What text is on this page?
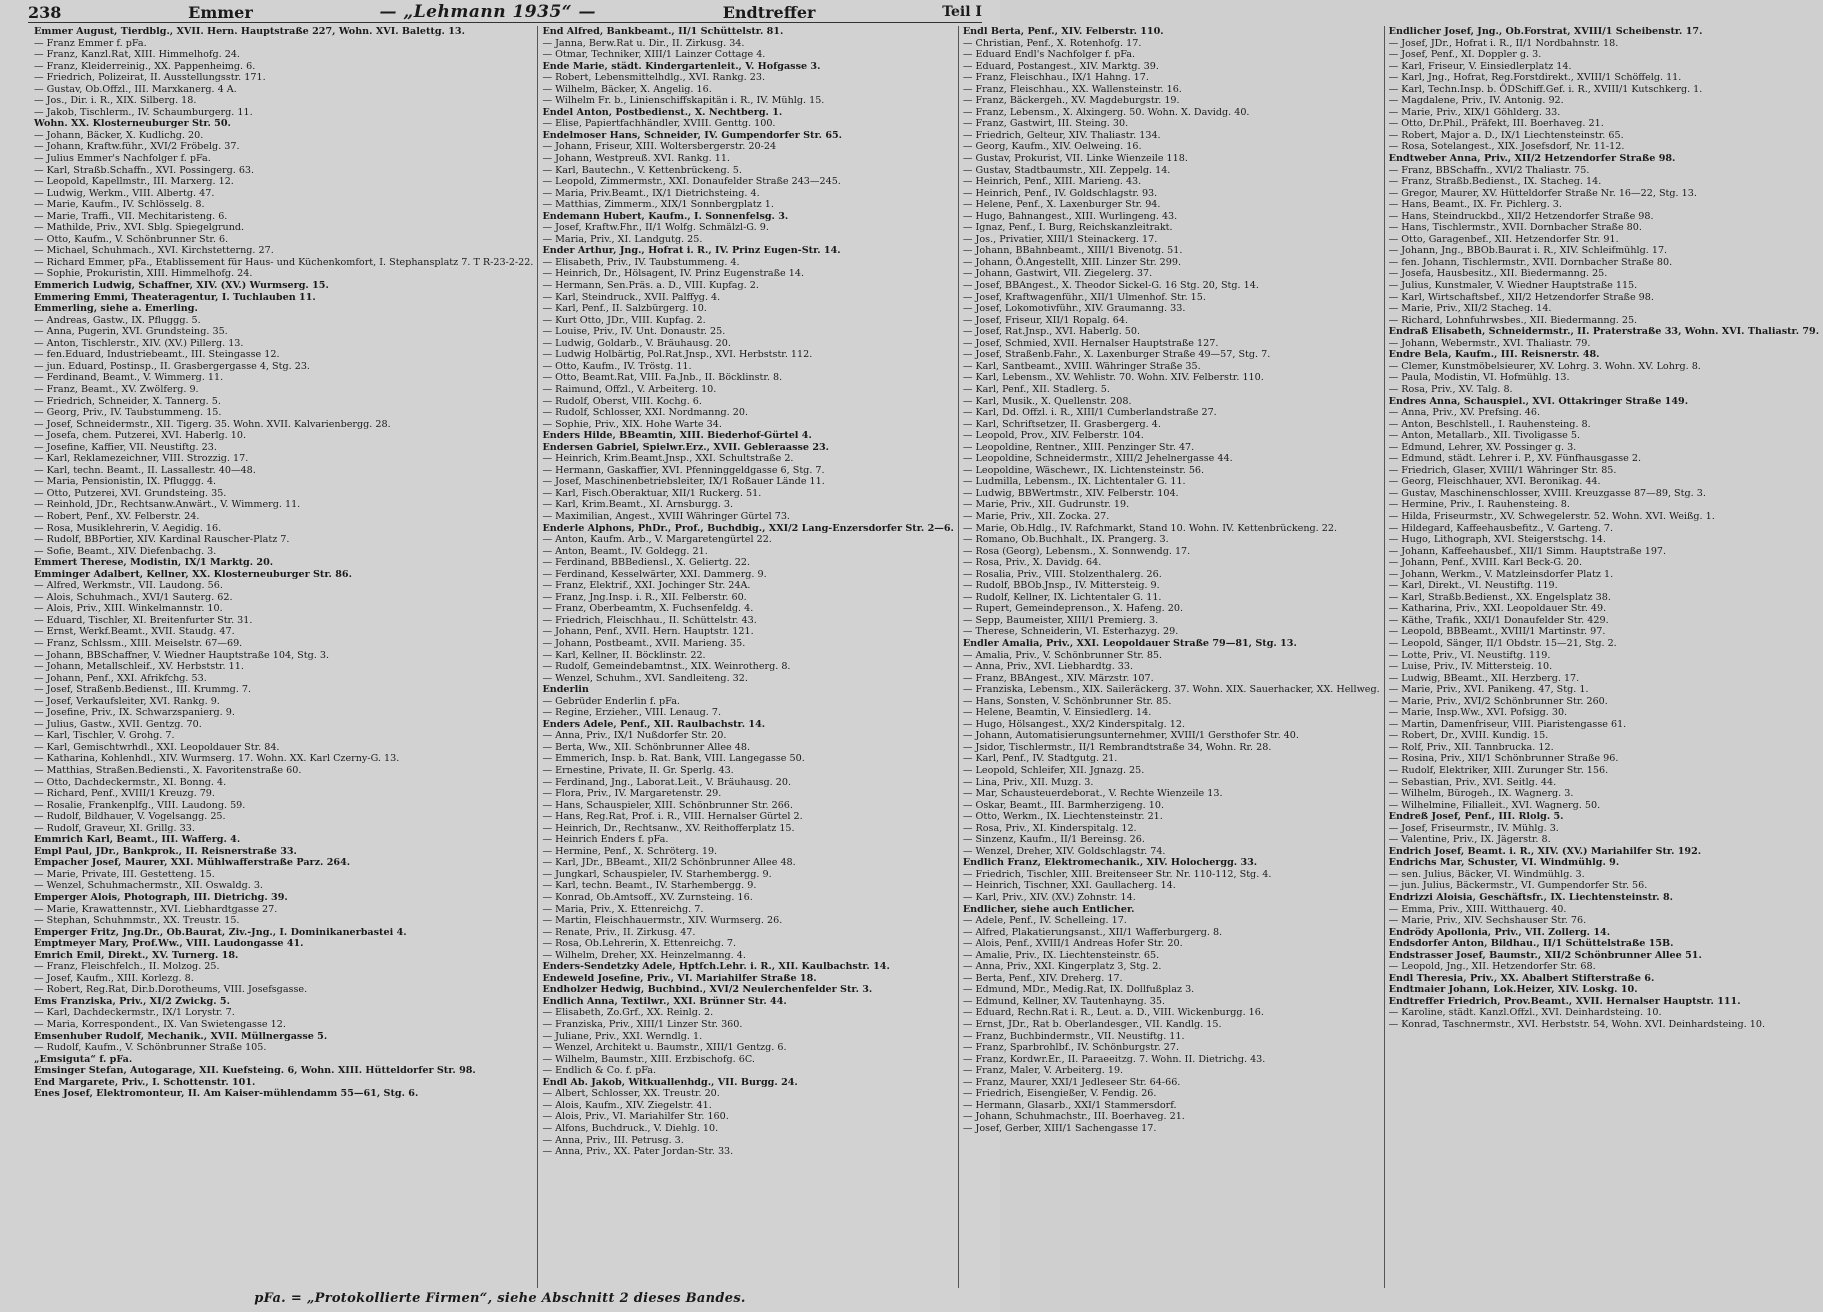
238	Emmer	— „Lehmann 1935“ —	Endtreffer	Teil I
Emmer August, Tierdblg., XVII. Hern. Hauptstraße 227, Wohn. XVI. Balettg. 13.
— Franz Emmer f. pFa.
— Franz, Kanzl.Rat, XIII. Himmelhofg. 24.
— Franz, Kleiderreinig., XX. Pappenheimg. 6.
— Friedrich, Polizeirat, II. Ausstellungsstr. 171.
— Gustav, Ob.Offzl., III. Marxkanerg. 4 A.
— Jos., Dir. i. R., XIX. Silberg. 18.
— Jakob, Tischlerm., IV. Schaumburgerg. 11.
Wohn. XX. Klosterneuburger Str. 50.
— Johann, Bäcker, X. Kudlichg. 20.
— Johann, Kraftw.führ., XVI/2 Fröbelg. 37.
— Julius Emmer's Nachfolger f. pFa.
— Karl, Straßb.Schaffn., XVI. Possingerg. 63.
— Leopold, Kapellmstr., III. Marxerg. 12.
— Ludwig, Werkm., VIII. Albertg. 47.
— Marie, Kaufm., IV. Schlösselg. 8.
— Marie, Traffi., VII. Mechitaristeng. 6.
— Mathilde, Priv., XVI. Sblg. Spiegelgrund.
— Otto, Kaufm., V. Schönbrunner Str. 6.
— Michael, Schuhmach., XVI. Kirchstetterng. 27.
— Richard Emmer, pFa., Etablissement für Haus- und Küchenkomfort, I. Stephansplatz 7. T R-23-2-22.
— Sophie, Prokuristin, XIII. Himmelhofg. 24.
Emmerich Ludwig, Schaffner, XIV. (XV.) Wurmserg. 15.
Emmering Emmi, Theateragentur, I. Tuchlauben 11.
Emmerling, siehe a. Emerling.
— Andreas, Gastw., IX. Pfluggg. 5.
— Anna, Pugerin, XVI. Grundsteing. 35.
— Anton, Tischlerstr., XIV. (XV.) Pillerg. 13.
— fen.Eduard, Industriebeamt., III. Steingasse 12.
— jun. Eduard, Postinsp., II. Grasbergergasse 4, Stg. 23.
— Ferdinand, Beamt., V. Wimmerg. 11.
— Franz, Beamt., XV. Zwölferg. 9.
— Friedrich, Schneider, X. Tannerg. 5.
— Georg, Priv., IV. Taubstummeng. 15.
— Josef, Schneidermstr., XII. Tigerg. 35. Wohn. XVII. Kalvarienbergg. 28.
— Josefa, chem. Putzerei, XVI. Haberlg. 10.
— Josefine, Kaffier, VII. Neustiftg. 23.
— Karl, Reklamezeichner, VIII. Strozzig. 17.
— Karl, techn. Beamt., II. Lassallestr. 40—48.
— Maria, Pensionistin, IX. Pfluggg. 4.
— Otto, Putzerei, XVI. Grundsteing. 35.
— Reinhold, JDr., Rechtsanw.Anwärt., V. Wimmerg. 11.
— Robert, Penf., XV. Felberstr. 24.
— Rosa, Musiklehrerin, V. Aegidig. 16.
— Rudolf, BBPortier, XIV. Kardinal Rauscher-Platz 7.
— Sofie, Beamt., XIV. Diefenbachg. 3.
Emmert Therese, Modistin, IX/1 Marktg. 20.
Emminger Adalbert, Kellner, XX. Klosterneuburger Str. 86.
— Alfred, Werkmstr., VII. Laudong. 56.
— Alois, Schuhmach., XVI/1 Sauterg. 62.
— Alois, Priv., XIII. Winkelmannstr. 10.
— Eduard, Tischler, XI. Breitenfurter Str. 31.
— Ernst, Werkf.Beamt., XVII. Staudg. 47.
— Franz, Schlssm., XIII. Meiselstr. 67—69.
— Johann, BBSchaffner, V. Wiedner Hauptstraße 104, Stg. 3.
— Johann, Metallschleif., XV. Herbststr. 11.
— Johann, Penf., XXI. Afrikfchg. 53.
— Josef, Straßenb.Bedienst., III. Krummg. 7.
— Josef, Verkaufsleiter, XVI. Rankg. 9.
— Josefine, Priv., IX. Schwarzspanierg. 9.
— Julius, Gastw., XVII. Gentzg. 70.
— Karl, Tischler, V. Grohg. 7.
— Karl, Gemischtwrhdl., XXI. Leopoldauer Str. 84.
— Katharina, Kohlenhdl., XIV. Wurmserg. 17. Wohn. XX. Karl Czerny-G. 13.
— Matthias, Straßen.Bediensti., X. Favoritenstraße 60.
— Otto, Dachdeckermstr., XI. Bonng. 4.
— Richard, Penf., XVIII/1 Kreuzg. 79.
— Rosalie, Frankenplfg., VIII. Laudong. 59.
— Rudolf, Bildhauer, V. Vogelsangg. 25.
— Rudolf, Graveur, XI. Grillg. 33.
Emmrich Karl, Beamt., III. Wafferg. 4.
Empl Paul, JDr., Bankprok., II. Reisnerstraße 33.
Empacher Josef, Maurer, XXI. Mühlwafferstraße Parz. 264.
— Marie, Private, III. Gestetteng. 15.
— Wenzel, Schuhmachermstr., XII. Oswaldg. 3.
Emperger Alois, Photograph, III. Dietrichg. 39.
— Marie, Krawattennstr., XVI. Liebhardtgasse 27.
— Stephan, Schuhmmstr., XX. Treustr. 15.
Emperger Fritz, Jng.Dr., Ob.Baurat, Ziv.-Jng., I. Dominikanerbastei 4.
Emptmeyer Mary, Prof.Ww., VIII. Laudongasse 41.
Emrich Emil, Direkt., XV. Turnerg. 18.
— Franz, Fleischfelch., II. Molzog. 25.
— Josef, Kaufm., XIII. Korlezg. 8.
— Robert, Reg.Rat, Dir.b.Dorotheums, VIII. Josefsgasse.
Ems Franziska, Priv., XI/2 Zwickg. 5.
— Karl, Dachdeckermstr., IX/1 Lorystr. 7.
— Maria, Korrespondent., IX. Van Swietengasse 12.
Emsenhuber Rudolf, Mechanik., XVII. Müllnergasse 5.
— Rudolf, Kaufm., V. Schönbrunner Straße 105.
„Emsiguta“ f. pFa.
Emsinger Stefan, Autogarage, XII. Kuefsteing. 6, Wohn. XIII. Hütteldorfer Str. 98.
End Margarete, Priv., I. Schottenstr. 101.
Enes Josef, Elektromonteur, II. Am Kaiser-mühlendamm 55—61, Stg. 6.
End Alfred, Bankbeamt., II/1 Schüttelstr. 81.
— Janna, Berw.Rat u. Dir., II. Zirkusg. 34.
— Otmar, Techniker, XIII/1 Lainzer Cottage 4.
Ende Marie, städt. Kindergartenleit., V. Hofgasse 3.
— Robert, Lebensmittelhdlg., XVI. Rankg. 23.
— Wilhelm, Bäcker, X. Angelig. 16.
— Wilhelm Fr. b., Linienschiffskapitän i. R., IV. Mühlg. 15.
Endel Anton, Postbedienst., X. Nechtberg. 1.
— Elise, Papiertfachhändler, XVIII. Genttg. 100.
Endelmoser Hans, Schneider, IV. Gumpendorfer Str. 65.
— Johann, Friseur, XIII. Woltersbergerstr. 20-24
— Johann, Westpreuß. XVI. Rankg. 11.
— Karl, Bautechn., V. Kettenbrückeng. 5.
— Leopold, Zimmermstr., XXI. Donaufelder Straße 243—245.
— Maria, Priv.Beamt., IX/1 Dietrichsteing. 4.
— Matthias, Zimmerm., XIX/1 Sonnbergplatz 1.
Endemann Hubert, Kaufm., I. Sonnenfelsg. 3.
— Josef, Kraftw.Fhr., II/1 Wolfg. Schmälzl-G. 9.
— Maria, Priv., XI. Landgutg. 25.
Ender Arthur, Jng., Hofrat i. R., IV. Prinz Eugen-Str. 14.
— Elisabeth, Priv., IV. Taubstummeng. 4.
— Heinrich, Dr., Hölsagent, IV. Prinz Eugenstraße 14.
— Hermann, Sen.Präs. a. D., VIII. Kupfag. 2.
— Karl, Steindruck., XVII. Palffyg. 4.
— Karl, Penf., II. Salzbürgerg. 10.
— Kurt Otto, JDr., VIII. Kupfag. 2.
— Louise, Priv., IV. Unt. Donaustr. 25.
— Ludwig, Goldarb., V. Bräuhausg. 20.
— Ludwig Holbärtig, Pol.Rat.Jnsp., XVI. Herbststr. 112.
— Otto, Kaufm., IV. Tröstg. 11.
— Otto, Beamt.Rat, VIII. Fa.Jnb., II. Böcklinstr. 8.
— Raimund, Offzl., V. Arbeiterg. 10.
— Rudolf, Oberst, VIII. Kochg. 6.
— Rudolf, Schlosser, XXI. Nordmanng. 20.
— Sophie, Priv., XIX. Hohe Warte 34.
Enders Hilde, BBeamtin, XIII. Biederhof-Gürtel 4.
Endersen Gabriel, Spielwr.Erz., XVII. Gebleraasse 23.
— Heinrich, Krim.Beamt.Jnsp., XXI. Schultstraße 2.
— Hermann, Gaskaffier, XVI. Pfenninggeldgasse 6, Stg. 7.
— Josef, Maschinenbetriebsleiter, IX/1 Roßauer Lände 11.
— Karl, Fisch.Oberaktuar, XII/1 Ruckerg. 51.
— Karl, Krim.Beamt., XI. Arnsburgg. 3.
— Maximilian, Angest., XVIII Währinger Gürtel 73.
Enderle Alphons, PhDr., Prof., Buchdbig., XXI/2 Lang-Enzersdorfer Str. 2—6.
— Anton, Kaufm. Arb., V. Margaretengürtel 22.
— Anton, Beamt., IV. Goldegg. 21.
— Ferdinand, BBBediensl., X. Geliertg. 22.
— Ferdinand, Kesselwärter, XXI. Dammerg. 9.
— Franz, Elektrif., XXI. Jochinger Str. 24A.
— Franz, Jng.Insp. i. R., XII. Felberstr. 60.
— Franz, Oberbeamtm, X. Fuchsenfeldg. 4.
— Friedrich, Fleischhau., II. Schüttelstr. 43.
— Johann, Penf., XVII. Hern. Hauptstr. 121.
— Johann, Postbeamt., XVII. Marieng. 35.
— Karl, Kellner, II. Böcklinstr. 22.
— Rudolf, Gemeindebamtnst., XIX. Weinrotherg. 8.
— Wenzel, Schuhm., XVI. Sandleiteng. 32.
Enderlin
— Gebrüder Enderlin f. pFa.
— Regine, Erzieher., VIII. Lenaug. 7.
Enders Adele, Penf., XII. Raulbachstr. 14.
— Anna, Priv., IX/1 Nußdorfer Str. 20.
— Berta, Ww., XII. Schönbrunner Allee 48.
— Emmerich, Insp. b. Rat. Bank, VIII. Langegasse 50.
— Ernestine, Private, II. Gr. Sperlg. 43.
— Ferdinand, Jng., Laborat.Leit., V. Bräuhausg. 20.
— Flora, Priv., IV. Margaretenstr. 29.
— Hans, Schauspieler, XIII. Schönbrunner Str. 266.
— Hans, Reg.Rat, Prof. i. R., VIII. Hernalser Gürtel 2.
— Heinrich, Dr., Rechtsanw., XV. Reithofferplatz 15.
— Heinrich Enders f. pFa.
— Hermine, Penf., X. Schröterg. 19.
— Karl, JDr., BBeamt., XII/2 Schönbrunner Allee 48.
— Jungkarl, Schauspieler, IV. Starhembergg. 9.
— Karl, techn. Beamt., IV. Starhembergg. 9.
— Konrad, Ob.Amtsoff., XV. Zurnsteing. 16.
— Maria, Priv., X. Ettenreichg. 7.
— Martin, Fleischhauermstr., XIV. Wurmserg. 26.
— Renate, Priv., II. Zirkusg. 47.
— Rosa, Ob.Lehrerin, X. Ettenreichg. 7.
— Wilhelm, Dreher, XX. Heinzelmanng. 4.
Enders-Sendetzky Adele, Hptfch.Lehr. i. R., XII. Kaulbachstr. 14.
Endeweld Josefine, Priv., VI. Mariahilfer Straße 18.
Endholzer Hedwig, Buchbind., XVI/2 Neulerchenfelder Str. 3.
Endlich Anna, Textilwr., XXI. Brünner Str. 44.
— Elisabeth, Zo.Grf., XX. Reinlg. 2.
— Franziska, Priv., XIII/1 Linzer Str. 360.
— Juliane, Priv., XXI. Werndlg. 1.
— Wenzel, Architekt u. Baumstr., XIII/1 Gentzg. 6.
— Wilhelm, Baumstr., XIII. Erzbischofg. 6C.
— Endlich & Co. f. pFa.
Endl Ab. Jakob, Witkuallenhdg., VII. Burgg. 24.
— Albert, Schlosser, XX. Treustr. 20.
— Alois, Kaufm., XIV. Ziegelstr. 41.
— Alois, Priv., VI. Mariahilfer Str. 160.
— Alfons, Buchdruck., V. Diehlg. 10.
— Anna, Priv., III. Petrusg. 3.
— Anna, Priv., XX. Pater Jordan-Str. 33.
Endl Berta, Penf., XIV. Felberstr. 110.
— Christian, Penf., X. Rotenhofg. 17.
— Eduard Endl's Nachfolger f. pFa.
— Eduard, Postangest., XIV. Marktg. 39.
— Franz, Fleischhau., IX/1 Hahng. 17.
— Franz, Fleischhau., XX. Wallensteinstr. 16.
— Franz, Bäckergeh., XV. Magdeburgstr. 19.
— Franz, Lebensm., X. Alxingerg. 50. Wohn. X. Davidg. 40.
— Franz, Gastwirt, III. Steing. 30.
— Friedrich, Gelteur, XIV. Thaliastr. 134.
— Georg, Kaufm., XIV. Oelweing. 16.
— Gustav, Prokurist, VII. Linke Wienzeile 118.
— Gustav, Stadtbaumstr., XII. Zeppelg. 14.
— Heinrich, Penf., XIII. Marieng. 43.
— Heinrich, Penf., IV. Goldschlagstr. 93.
— Helene, Penf., X. Laxenburger Str. 94.
— Hugo, Bahnangest., XIII. Wurlingeng. 43.
— Ignaz, Penf., I. Burg, Reichskanzleitrakt.
— Jos., Privatier, XIII/1 Steinackerg. 17.
— Johann, BBahnbeamt., XIII/1 Bivenotg. 51.
— Johann, Ö.Angestellt, XIII. Linzer Str. 299.
— Johann, Gastwirt, VII. Ziegelerg. 37.
— Josef, BBAngest., X. Theodor Sickel-G. 16 Stg. 20, Stg. 14.
— Josef, Kraftwagenführ., XII/1 Ulmenhof. Str. 15.
— Josef, Lokomotivführ., XIV. Graumanng. 33.
— Josef, Friseur, XII/1 Ropalg. 64.
— Josef, Rat.Jnsp., XVI. Haberlg. 50.
— Josef, Schmied, XVII. Hernalser Hauptstraße 127.
— Josef, Straßenb.Fahr., X. Laxenburger Straße 49—57, Stg. 7.
— Karl, Santbeamt., XVIII. Währinger Straße 35.
— Karl, Lebensm., XV. Wehlistr. 70. Wohn. XIV. Felberstr. 110.
— Karl, Penf., XII. Stadlerg. 5.
— Karl, Musik., X. Quellenstr. 208.
— Karl, Dd. Offzl. i. R., XIII/1 Cumberlandstraße 27.
— Karl, Schriftsetzer, II. Grasbergerg. 4.
— Leopold, Prov., XIV. Felberstr. 104.
— Leopoldine, Rentner., XIII. Penzinger Str. 47.
— Leopoldine, Schneidermstr., XIII/2 Jehelnergasse 44.
— Leopoldine, Wäschewr., IX. Lichtensteinstr. 56.
— Ludmilla, Lebensm., IX. Lichtentaler G. 11.
— Ludwig, BBWertmstr., XIV. Felberstr. 104.
— Marie, Priv., XII. Gudrunstr. 19.
— Marie, Priv., XII. Zocka. 27.
— Marie, Ob.Hdlg., IV. Rafchmarkt, Stand 10. Wohn. IV. Kettenbrückeng. 22.
— Romano, Ob.Buchhalt., IX. Prangerg. 3.
— Rosa (Georg), Lebensm., X. Sonnwendg. 17.
— Rosa, Priv., X. Davidg. 64.
— Rosalia, Priv., VIII. Stolzenthalerg. 26.
— Rudolf, BBOb.Jnsp., IV. Mittersteig. 9.
— Rudolf, Kellner, IX. Lichtentaler G. 11.
— Rupert, Gemeindeprenson., X. Hafeng. 20.
— Sepp, Baumeister, XIII/1 Premierg. 3.
— Therese, Schneiderin, VI. Esterhazyg. 29.
Endler Amalia, Priv., XXI. Leopoldauer Straße 79—81, Stg. 13.
— Amalia, Priv., V. Schönbrunner Str. 85.
— Anna, Priv., XVI. Liebhardtg. 33.
— Franz, BBAngest., XIV. Märzstr. 107.
— Franziska, Lebensm., XIX. Saileräckerg. 37. Wohn. XIX. Sauerhacker, XX. Hellweg.
— Hans, Sonsten, V. Schönbrunner Str. 85.
— Helene, Beamtin, V. Einsiedlerg. 14.
— Hugo, Hölsangest., XX/2 Kinderspitalg. 12.
— Johann, Automatisierungsunternehmer, XVIII/1 Gersthofer Str. 40.
— Jsidor, Tischlermstr., II/1 Rembrandtstraße 34, Wohn. Rr. 28.
— Karl, Penf., IV. Stadtgutg. 21.
— Leopold, Schleifer, XII. Jgnazg. 25.
— Lina, Priv., XII. Muzg. 3.
— Mar, Schausteuerdeborat., V. Rechte Wienzeile 13.
— Oskar, Beamt., III. Barmherzigeng. 10.
— Otto, Werkm., IX. Liechtensteinstr. 21.
— Rosa, Priv., XI. Kinderspitalg. 12.
— Sinzenz, Kaufm., II/1 Bereinsg. 26.
— Wenzel, Dreher, XIV. Goldschlagstr. 74.
Endlich Franz, Elektromechanik., XIV. Holochergg. 33.
— Friedrich, Tischler, XIII. Breitenseer Str. Nr. 110-112, Stg. 4.
— Heinrich, Tischner, XXI. Gaullacherg. 14.
— Karl, Priv., XIV. (XV.) Zohnstr. 14.
Endlicher, siehe auch Entlicher.
— Adele, Penf., IV. Schelleing. 17.
— Alfred, Plakatierungsanst., XII/1 Wafferburgerg. 8.
— Alois, Penf., XVIII/1 Andreas Hofer Str. 20.
— Amalie, Priv., IX. Liechtensteinstr. 65.
— Anna, Priv., XXI. Kingerplatz 3, Stg. 2.
— Berta, Penf., XIV. Dreherg. 17.
— Edmund, MDr., Medig.Rat, IX. Dollfußplaz 3.
— Edmund, Kellner, XV. Tautenhayng. 35.
— Eduard, Rechn.Rat i. R., Leut. a. D., VIII. Wickenburgg. 16.
— Ernst, JDr., Rat b. Oberlandesger., VII. Kandlg. 15.
— Franz, Buchbindermstr., VII. Neustiftg. 11.
— Franz, Sparbrohlbf., IV. Schönburgstr. 27.
— Franz, Kordwr.Er., II. Paraeeitzg. 7. Wohn. II. Dietrichg. 43.
— Franz, Maler, V. Arbeiterg. 19.
— Franz, Maurer, XXI/1 Jedleseer Str. 64-66.
— Friedrich, Eisengießer, V. Fendig. 26.
— Hermann, Glasarb., XXI/1 Stammersdorf.
— Johann, Schuhmachstr., III. Boerhaveg. 21.
— Josef, Gerber, XIII/1 Sachengasse 17.
Endlicher Josef, Jng., Ob.Forstrat, XVIII/1 Scheibenstr. 17.
— Josef, JDr., Hofrat i. R., II/1 Nordbahnstr. 18.
— Josef, Penf., XI. Doppler g. 3.
— Karl, Friseur, V. Einsiedlerplatz 14.
— Karl, Jng., Hofrat, Reg.Forstdirekt., XVIII/1 Schöffelg. 11.
— Karl, Techn.Insp. b. ÖDSchiff.Gef. i. R., XVIII/1 Kutschkerg. 1.
— Magdalene, Priv., IV. Antonig. 92.
— Marie, Priv., XIX/1 Göhlderg. 33.
— Otto, Dr.Phil., Präfekt, III. Boerhaveg. 21.
— Robert, Major a. D., IX/1 Liechtensteinstr. 65.
— Rosa, Sotelangest., XIX. Josefsdorf, Nr. 11-12.
Endtweber Anna, Priv., XII/2 Hetzendorfer Straße 98.
— Franz, BBSchaffn., XVI/2 Thaliastr. 75.
— Franz, Straßb.Bedienst., IX. Stacheg. 14.
— Gregor, Maurer, XV. Hütteldorfer Straße Nr. 16—22, Stg. 13.
— Hans, Beamt., IX. Fr. Pichlerg. 3.
— Hans, Steindruckbd., XII/2 Hetzendorfer Straße 98.
— Hans, Tischlermstr., XVII. Dornbacher Straße 80.
— Otto, Garagenbef., XII. Hetzendorfer Str. 91.
— Johann, Jng., BBOb.Baurat i. R., XIV. Schleifmühlg. 17.
— fen. Johann, Tischlermstr., XVII. Dornbacher Straße 80.
— Josefa, Hausbesitz., XII. Biedermanng. 25.
— Julius, Kunstmaler, V. Wiedner Hauptstraße 115.
— Karl, Wirtschaftsbef., XII/2 Hetzendorfer Straße 98.
— Marie, Priv., XII/2 Stacheg. 14.
— Richard, Lohnfuhrwsbes., XII. Biedermanng. 25.
Endraß Elisabeth, Schneidermstr., II. Praterstraße 33, Wohn. XVI. Thaliastr. 79.
— Johann, Webermstr., XVI. Thaliastr. 79.
Endre Bela, Kaufm., III. Reisnerstr. 48.
— Clemer, Kunstmöbelsieurer, XV. Lohrg. 3. Wohn. XV. Lohrg. 8.
— Paula, Modistin, VI. Hofmühlg. 13.
— Rosa, Priv., XV. Talg. 8.
Endres Anna, Schauspiel., XVI. Ottakringer Straße 149.
— Anna, Priv., XV. Prefsing. 46.
— Anton, Beschlstell., I. Rauhensteing. 8.
— Anton, Metallarb., XII. Tivoligasse 5.
— Edmund, Lehrer, XV. Possinger g. 3.
— Edmund, städt. Lehrer i. P., XV. Fünfhausgasse 2.
— Friedrich, Glaser, XVIII/1 Währinger Str. 85.
— Georg, Fleischhauer, XVI. Beronikag. 44.
— Gustav, Maschinenschlosser, XVIII. Kreuzgasse 87—89, Stg. 3.
— Hermine, Priv., I. Rauhensteing. 8.
— Hilda, Friseurmstr., XV. Schwegelerstr. 52. Wohn. XVI. Weißg. 1.
— Hildegard, Kaffeehausbefitz., V. Garteng. 7.
— Hugo, Lithograph, XVI. Steigerstschg. 14.
— Johann, Kaffeehausbef., XII/1 Simm. Hauptstraße 197.
— Johann, Penf., XVIII. Karl Beck-G. 20.
— Johann, Werkm., V. Matzleinsdorfer Platz 1.
— Karl, Direkt., VI. Neustiftg. 119.
— Karl, Straßb.Bedienst., XX. Engelsplatz 38.
— Katharina, Priv., XXI. Leopoldauer Str. 49.
— Käthe, Trafik., XXI/1 Donaufelder Str. 429.
— Leopold, BBBeamt., XVIII/1 Martinstr. 97.
— Leopold, Sänger, II/1 Obdstr. 15—21, Stg. 2.
— Lotte, Priv., VI. Neustiftg. 119.
— Luise, Priv., IV. Mittersteig. 10.
— Ludwig, BBeamt., XII. Herzberg. 17.
— Marie, Priv., XVI. Panikeng. 47, Stg. 1.
— Marie, Priv., XVI/2 Schönbrunner Str. 260.
— Marie, Insp.Ww., XVI. Pofsigg. 30.
— Martin, Damenfriseur, VIII. Piaristengasse 61.
— Robert, Dr., XVIII. Kundig. 15.
— Rolf, Priv., XII. Tannbrucka. 12.
— Rosina, Priv., XII/1 Schönbrunner Straße 96.
— Rudolf, Elektriker, XIII. Zurunger Str. 156.
— Sebastian, Priv., XVI. Seitlg. 44.
— Wilhelm, Bürogeh., IX. Wagnerg. 3.
— Wilhelmine, Filialleit., XVI. Wagnerg. 50.
Endreß Josef, Penf., III. Rlolg. 5.
— Josef, Friseurmstr., IV. Mühlg. 3.
— Valentine, Priv., IX. Jägerstr. 8.
Endrich Josef, Beamt. i. R., XIV. (XV.) Mariahilfer Str. 192.
Endrichs Mar, Schuster, VI. Windmühlg. 9.
— sen. Julius, Bäcker, VI. Windmühlg. 3.
— jun. Julius, Bäckermstr., VI. Gumpendorfer Str. 56.
Endrizzi Aloisia, Geschäftsfr., IX. Liechtensteinstr. 8.
— Emma, Priv., XIII. Witthauerg. 40.
— Marie, Priv., XIV. Sechshauser Str. 76.
Endrödy Apollonia, Priv., VII. Zollerg. 14.
Endsdorfer Anton, Bildhau., II/1 Schüttelstraße 15B.
Endstrasser Josef, Baumstr., XII/2 Schönbrunner Allee 51.
— Leopold, Jng., XII. Hetzendorfer Str. 68.
Endl Theresia, Priv., XX. Abalbert Stifterstraße 6.
Endtmaier Johann, Lok.Heizer, XIV. Loskg. 10.
Endtreffer Friedrich, Prov.Beamt., XVII. Hernalser Hauptstr. 111.
— Karoline, städt. Kanzl.Offzl., XVI. Deinhardsteing. 10.
— Konrad, Taschnermstr., XVI. Herbststr. 54, Wohn. XVI. Deinhardsteing. 10.
pFa. = „Protokollierte Firmen“, siehe Abschnitt 2 dieses Bandes.
